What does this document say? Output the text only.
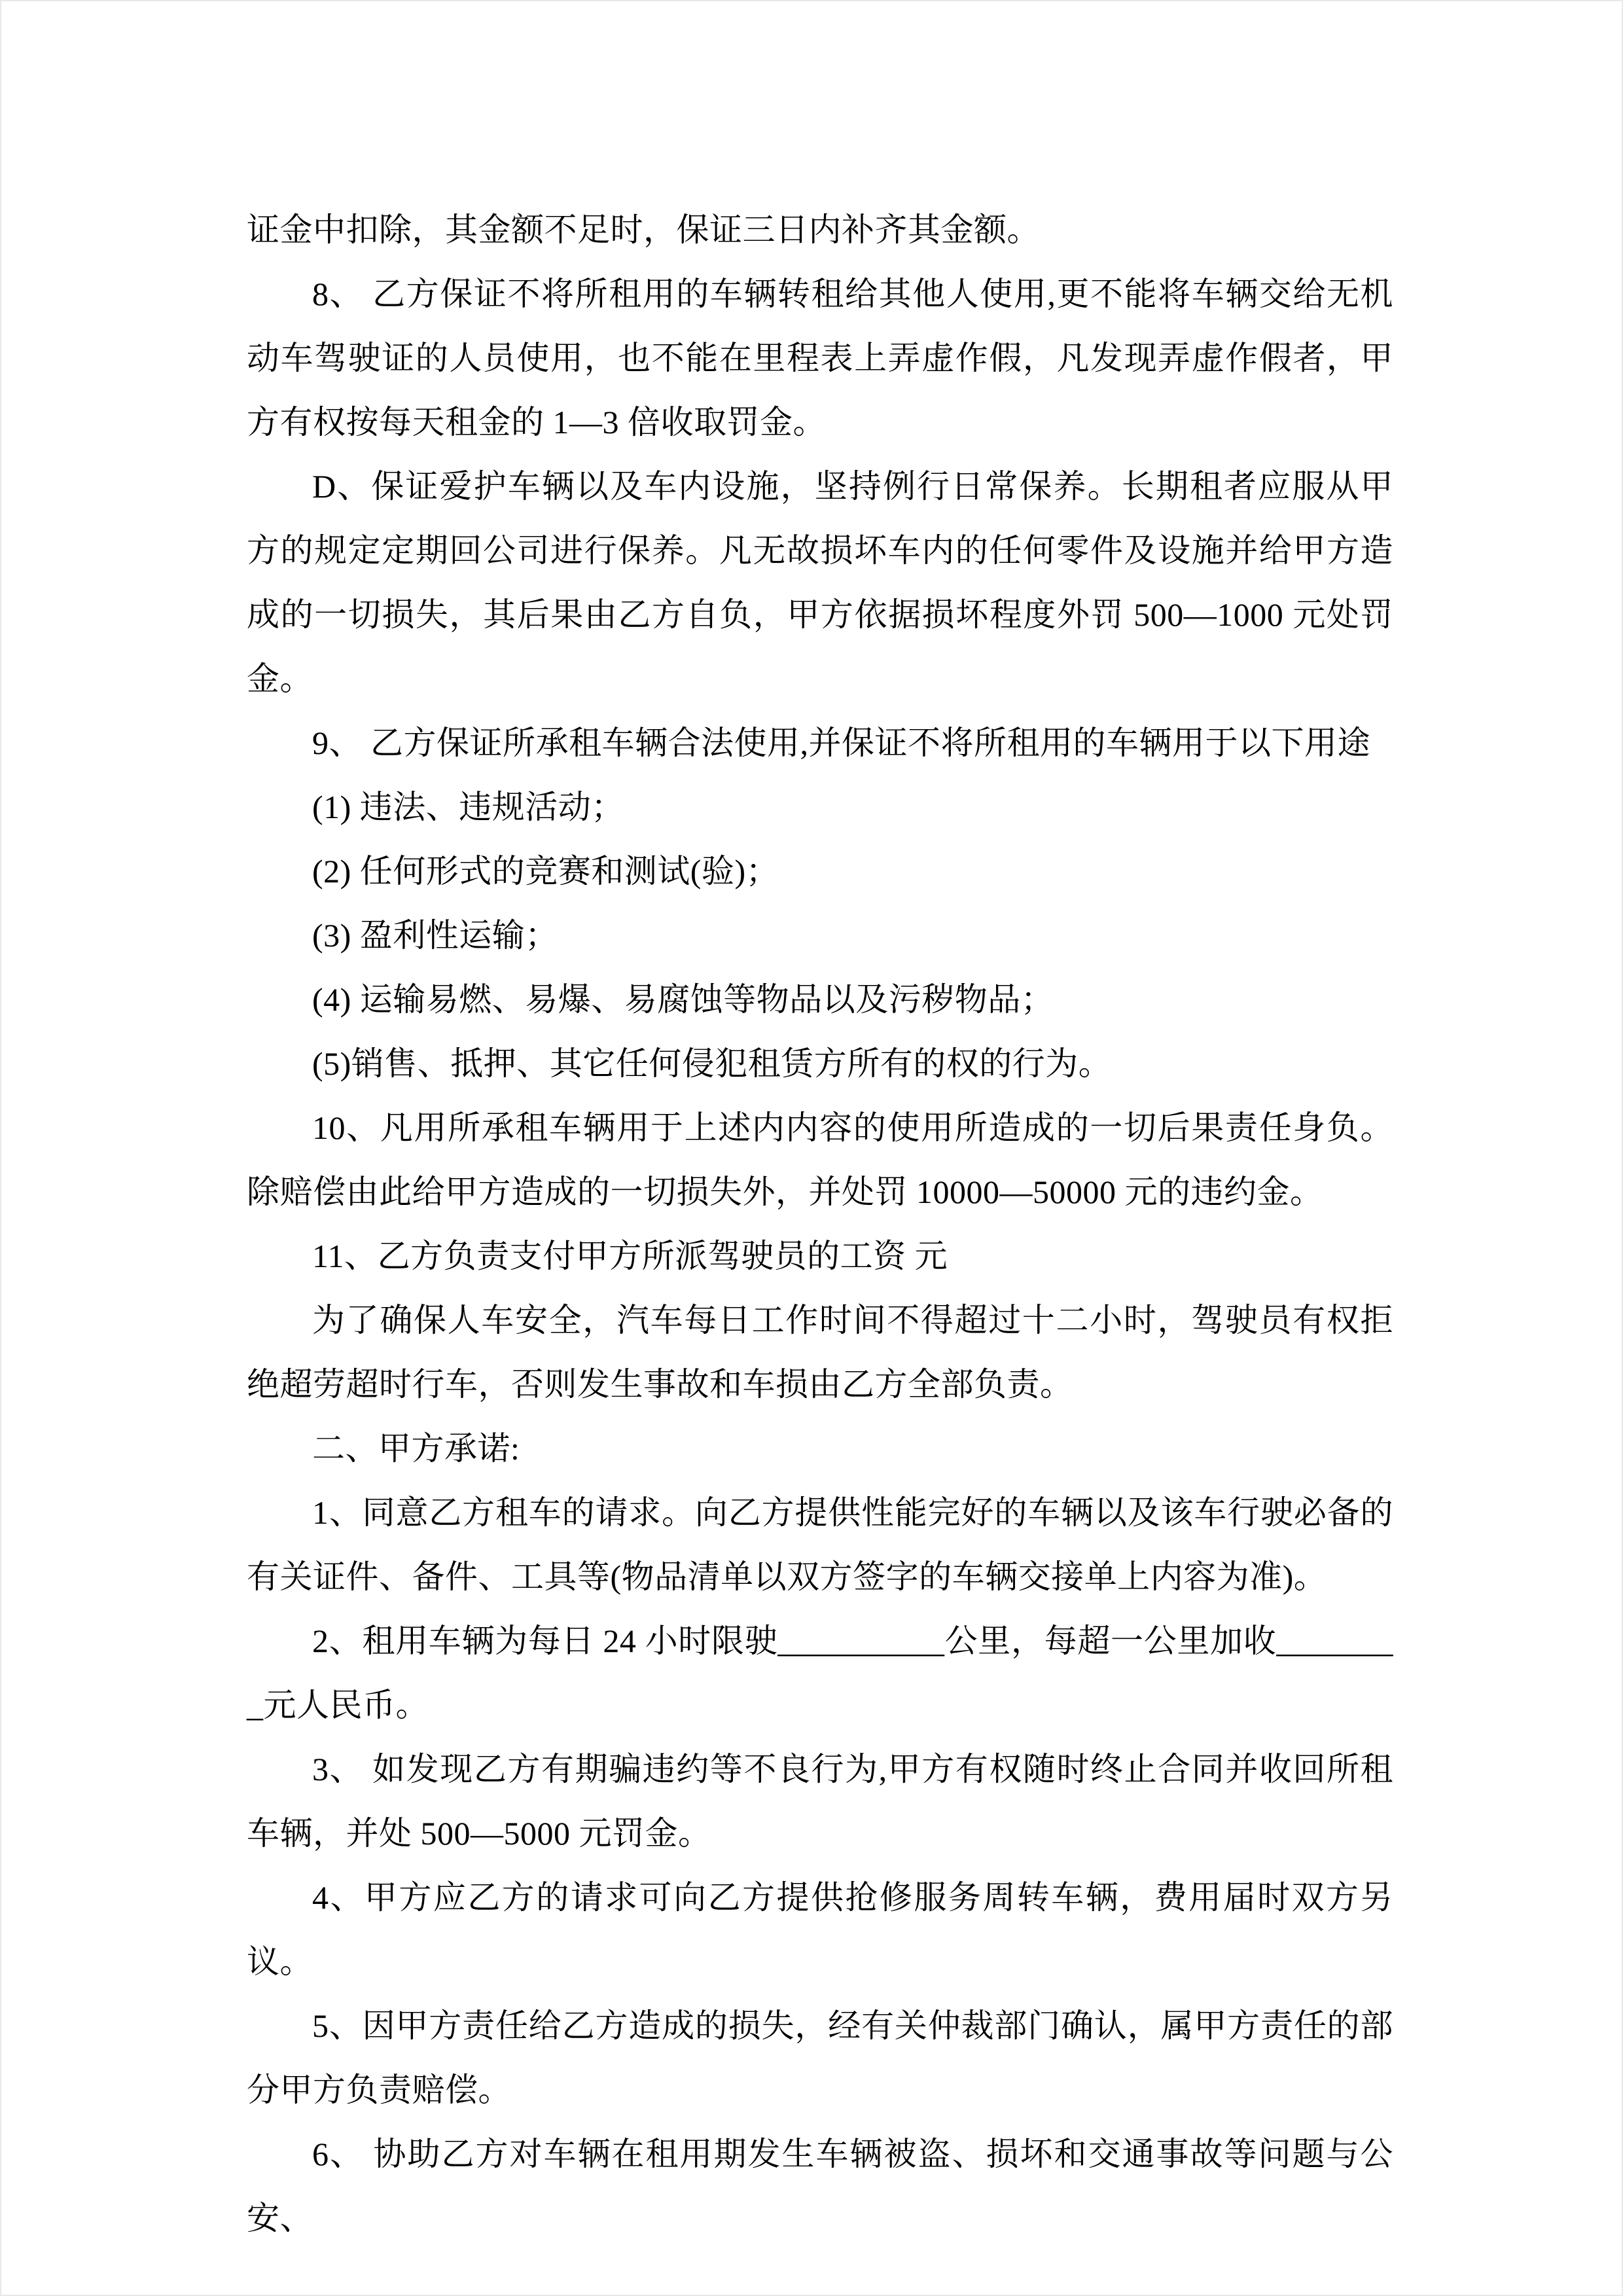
证金中扣除，其金额不足时，保证三日内补齐其金额。

8、 乙方保证不将所租用的车辆转租给其他人使用,更不能将车辆交给无机动车驾驶证的人员使用，也不能在里程表上弄虚作假，凡发现弄虚作假者，甲方有权按每天租金的 1—3 倍收取罚金。

D、保证爱护车辆以及车内设施，坚持例行日常保养。长期租者应服从甲方的规定定期回公司进行保养。凡无故损坏车内的任何零件及设施并给甲方造成的一切损失，其后果由乙方自负，甲方依据损坏程度外罚 500—1000 元处罚金。

9、 乙方保证所承租车辆合法使用,并保证不将所租用的车辆用于以下用途

(1) 违法、违规活动；

(2) 任何形式的竞赛和测试(验)；

(3) 盈利性运输；

(4) 运输易燃、易爆、易腐蚀等物品以及污秽物品；

(5)销售、抵押、其它任何侵犯租赁方所有的权的行为。

10、凡用所承租车辆用于上述内内容的使用所造成的一切后果责任身负。除赔偿由此给甲方造成的一切损失外，并处罚 10000—50000 元的违约金。

11、乙方负责支付甲方所派驾驶员的工资 元

为了确保人车安全，汽车每日工作时间不得超过十二小时，驾驶员有权拒绝超劳超时行车，否则发生事故和车损由乙方全部负责。

二、甲方承诺:

1、同意乙方租车的请求。向乙方提供性能完好的车辆以及该车行驶必备的有关证件、备件、工具等(物品清单以双方签字的车辆交接单上内容为准)。

2、租用车辆为每日 24 小时限驶__________公里，每超一公里加收________元人民币。

3、 如发现乙方有期骗违约等不良行为,甲方有权随时终止合同并收回所租车辆，并处 500—5000 元罚金。

4、甲方应乙方的请求可向乙方提供抢修服务周转车辆，费用届时双方另议。

5、因甲方责任给乙方造成的损失，经有关仲裁部门确认，属甲方责任的部分甲方负责赔偿。

6、 协助乙方对车辆在租用期发生车辆被盗、损坏和交通事故等问题与公安、
